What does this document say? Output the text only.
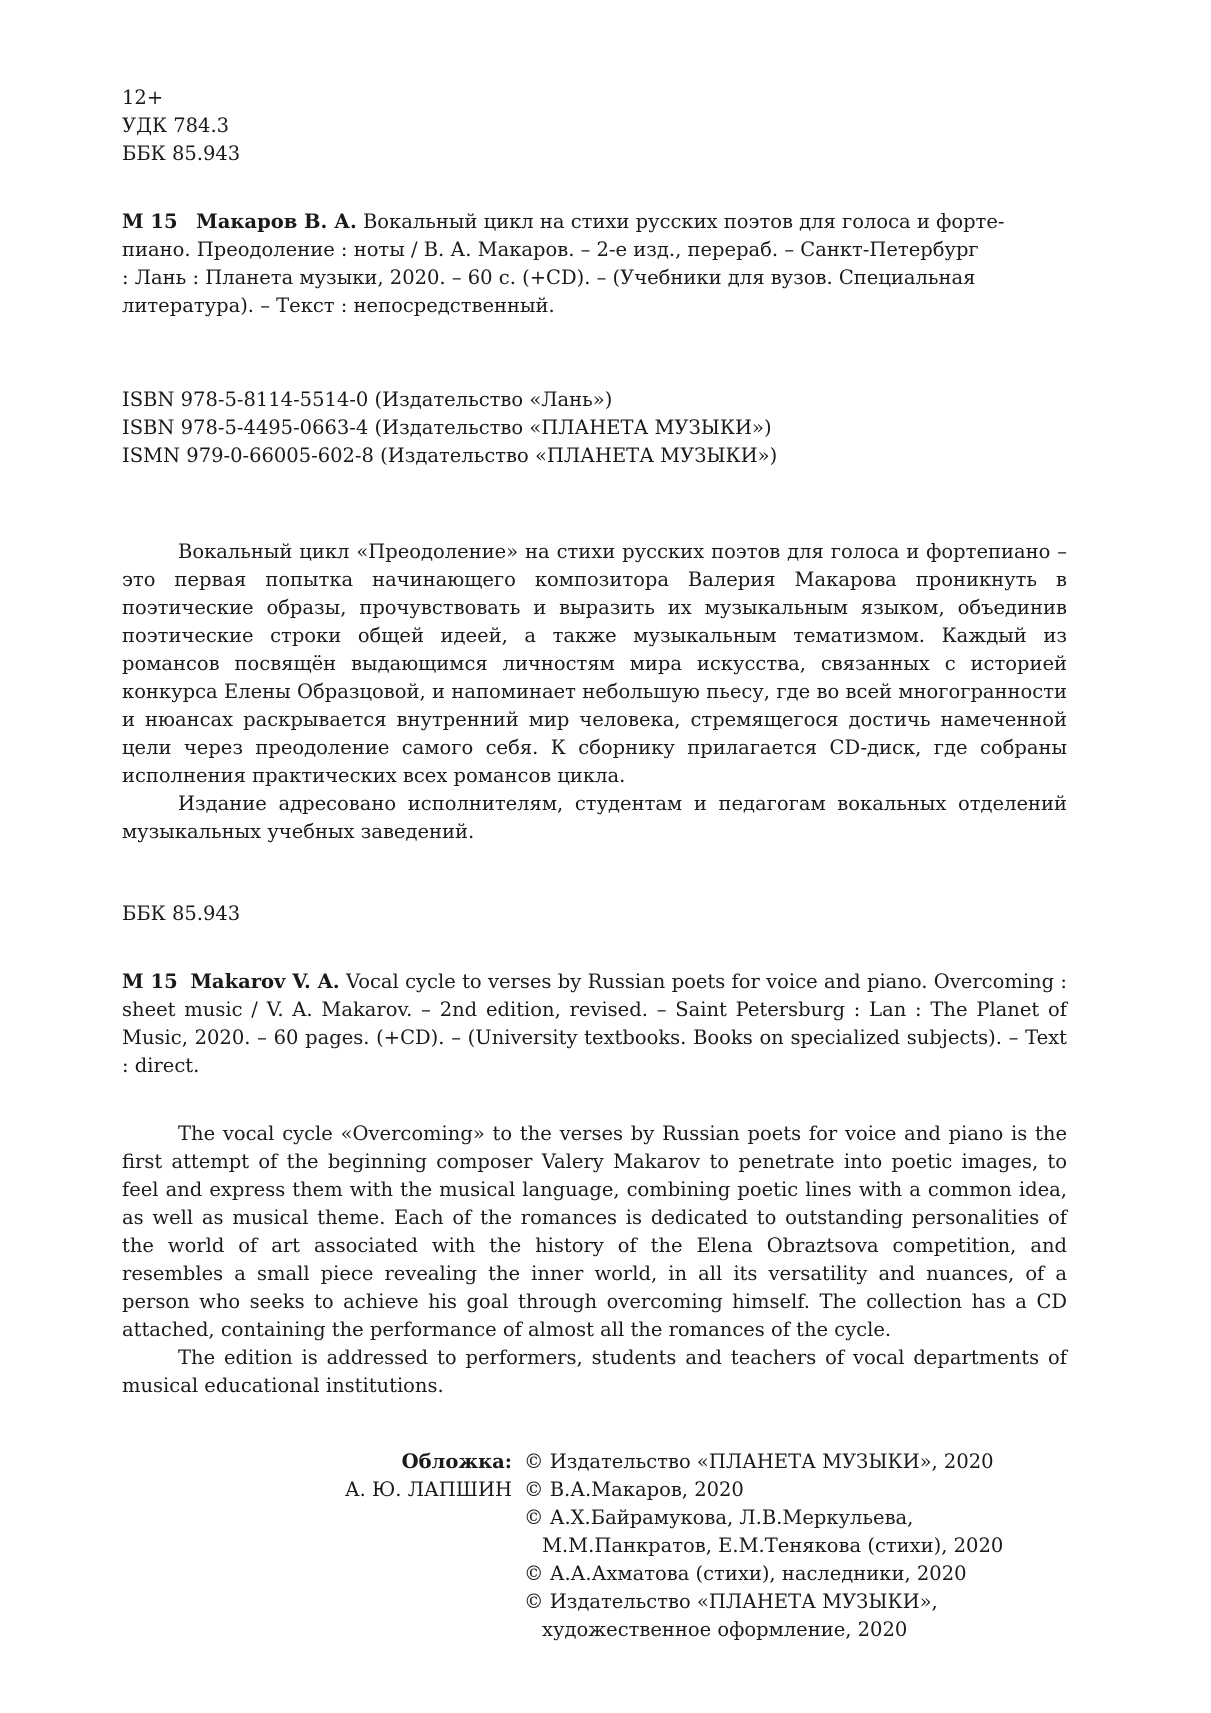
12+
УДК 784.3
ББК 85.943
М 15 Макаров В. А. Вокальный цикл на стихи русских поэтов для голоса и форте-
пиано. Преодоление : ноты / В. А. Макаров. – 2-е изд., перераб. – Санкт-Петербург
: Лань : Планета музыки, 2020. – 60 с. (+CD). – (Учебники для вузов. Специальная
литература). – Текст : непосредственный.
ISBN 978-5-8114-5514-0 (Издательство «Лань»)
ISBN 978-5-4495-0663-4 (Издательство «ПЛАНЕТА МУЗЫКИ»)
ISMN 979-0-66005-602-8 (Издательство «ПЛАНЕТА МУЗЫКИ»)

Вокальный цикл «Преодоление» на стихи русских поэтов для голоса и фортепиано – это первая попытка начинающего композитора Валерия Макарова проникнуть в поэтические образы, прочувствовать и выразить их музыкальным языком, объединив поэтические строки общей идеей, а также музыкальным тематизмом. Каждый из романсов посвящён выдающимся личностям мира искусства, связанных с историей конкурса Елены Образцовой, и напоминает небольшую пьесу, где во всей многогранности и нюансах раскрывается внутренний мир человека, стремящегося достичь намеченной цели через преодоление самого себя. К сборнику прилагается CD-диск, где собраны исполнения практических всех романсов цикла.

Издание адресовано исполнителям, студентам и педагогам вокальных отделений музыкальных учебных заведений.

ББК 85.943
М 15 Makarov V. A. Vocal cycle to verses by Russian poets for voice and piano. Overcoming : sheet music / V. A. Makarov. – 2nd edition, revised. – Saint Petersburg : Lan : The Planet of Music, 2020. – 60 pages. (+CD). – (University textbooks. Books on specialized subjects). – Text : direct.

The vocal cycle «Overcoming» to the verses by Russian poets for voice and piano is the first attempt of the beginning composer Valery Makarov to penetrate into poetic images, to feel and express them with the musical language, combining poetic lines with a common idea, as well as musical theme. Each of the romances is dedicated to outstanding personalities of the world of art associated with the history of the Elena Obraztsova competition, and resembles a small piece revealing the inner world, in all its versatility and nuances, of a person who seeks to achieve his goal through overcoming himself. The collection has a CD attached, containing the performance of almost all the romances of the cycle.

The edition is addressed to performers, students and teachers of vocal departments of musical educational institutions.

Обложка:
А. Ю. ЛАПШИН
© Издательство «ПЛАНЕТА МУЗЫКИ», 2020
© В.А.Макаров, 2020
© А.Х.Байрамукова, Л.В.Меркульева,
М.М.Панкратов, Е.М.Тенякова (стихи), 2020
© А.А.Ахматова (стихи), наследники, 2020
© Издательство «ПЛАНЕТА МУЗЫКИ»,
художественное оформление, 2020
